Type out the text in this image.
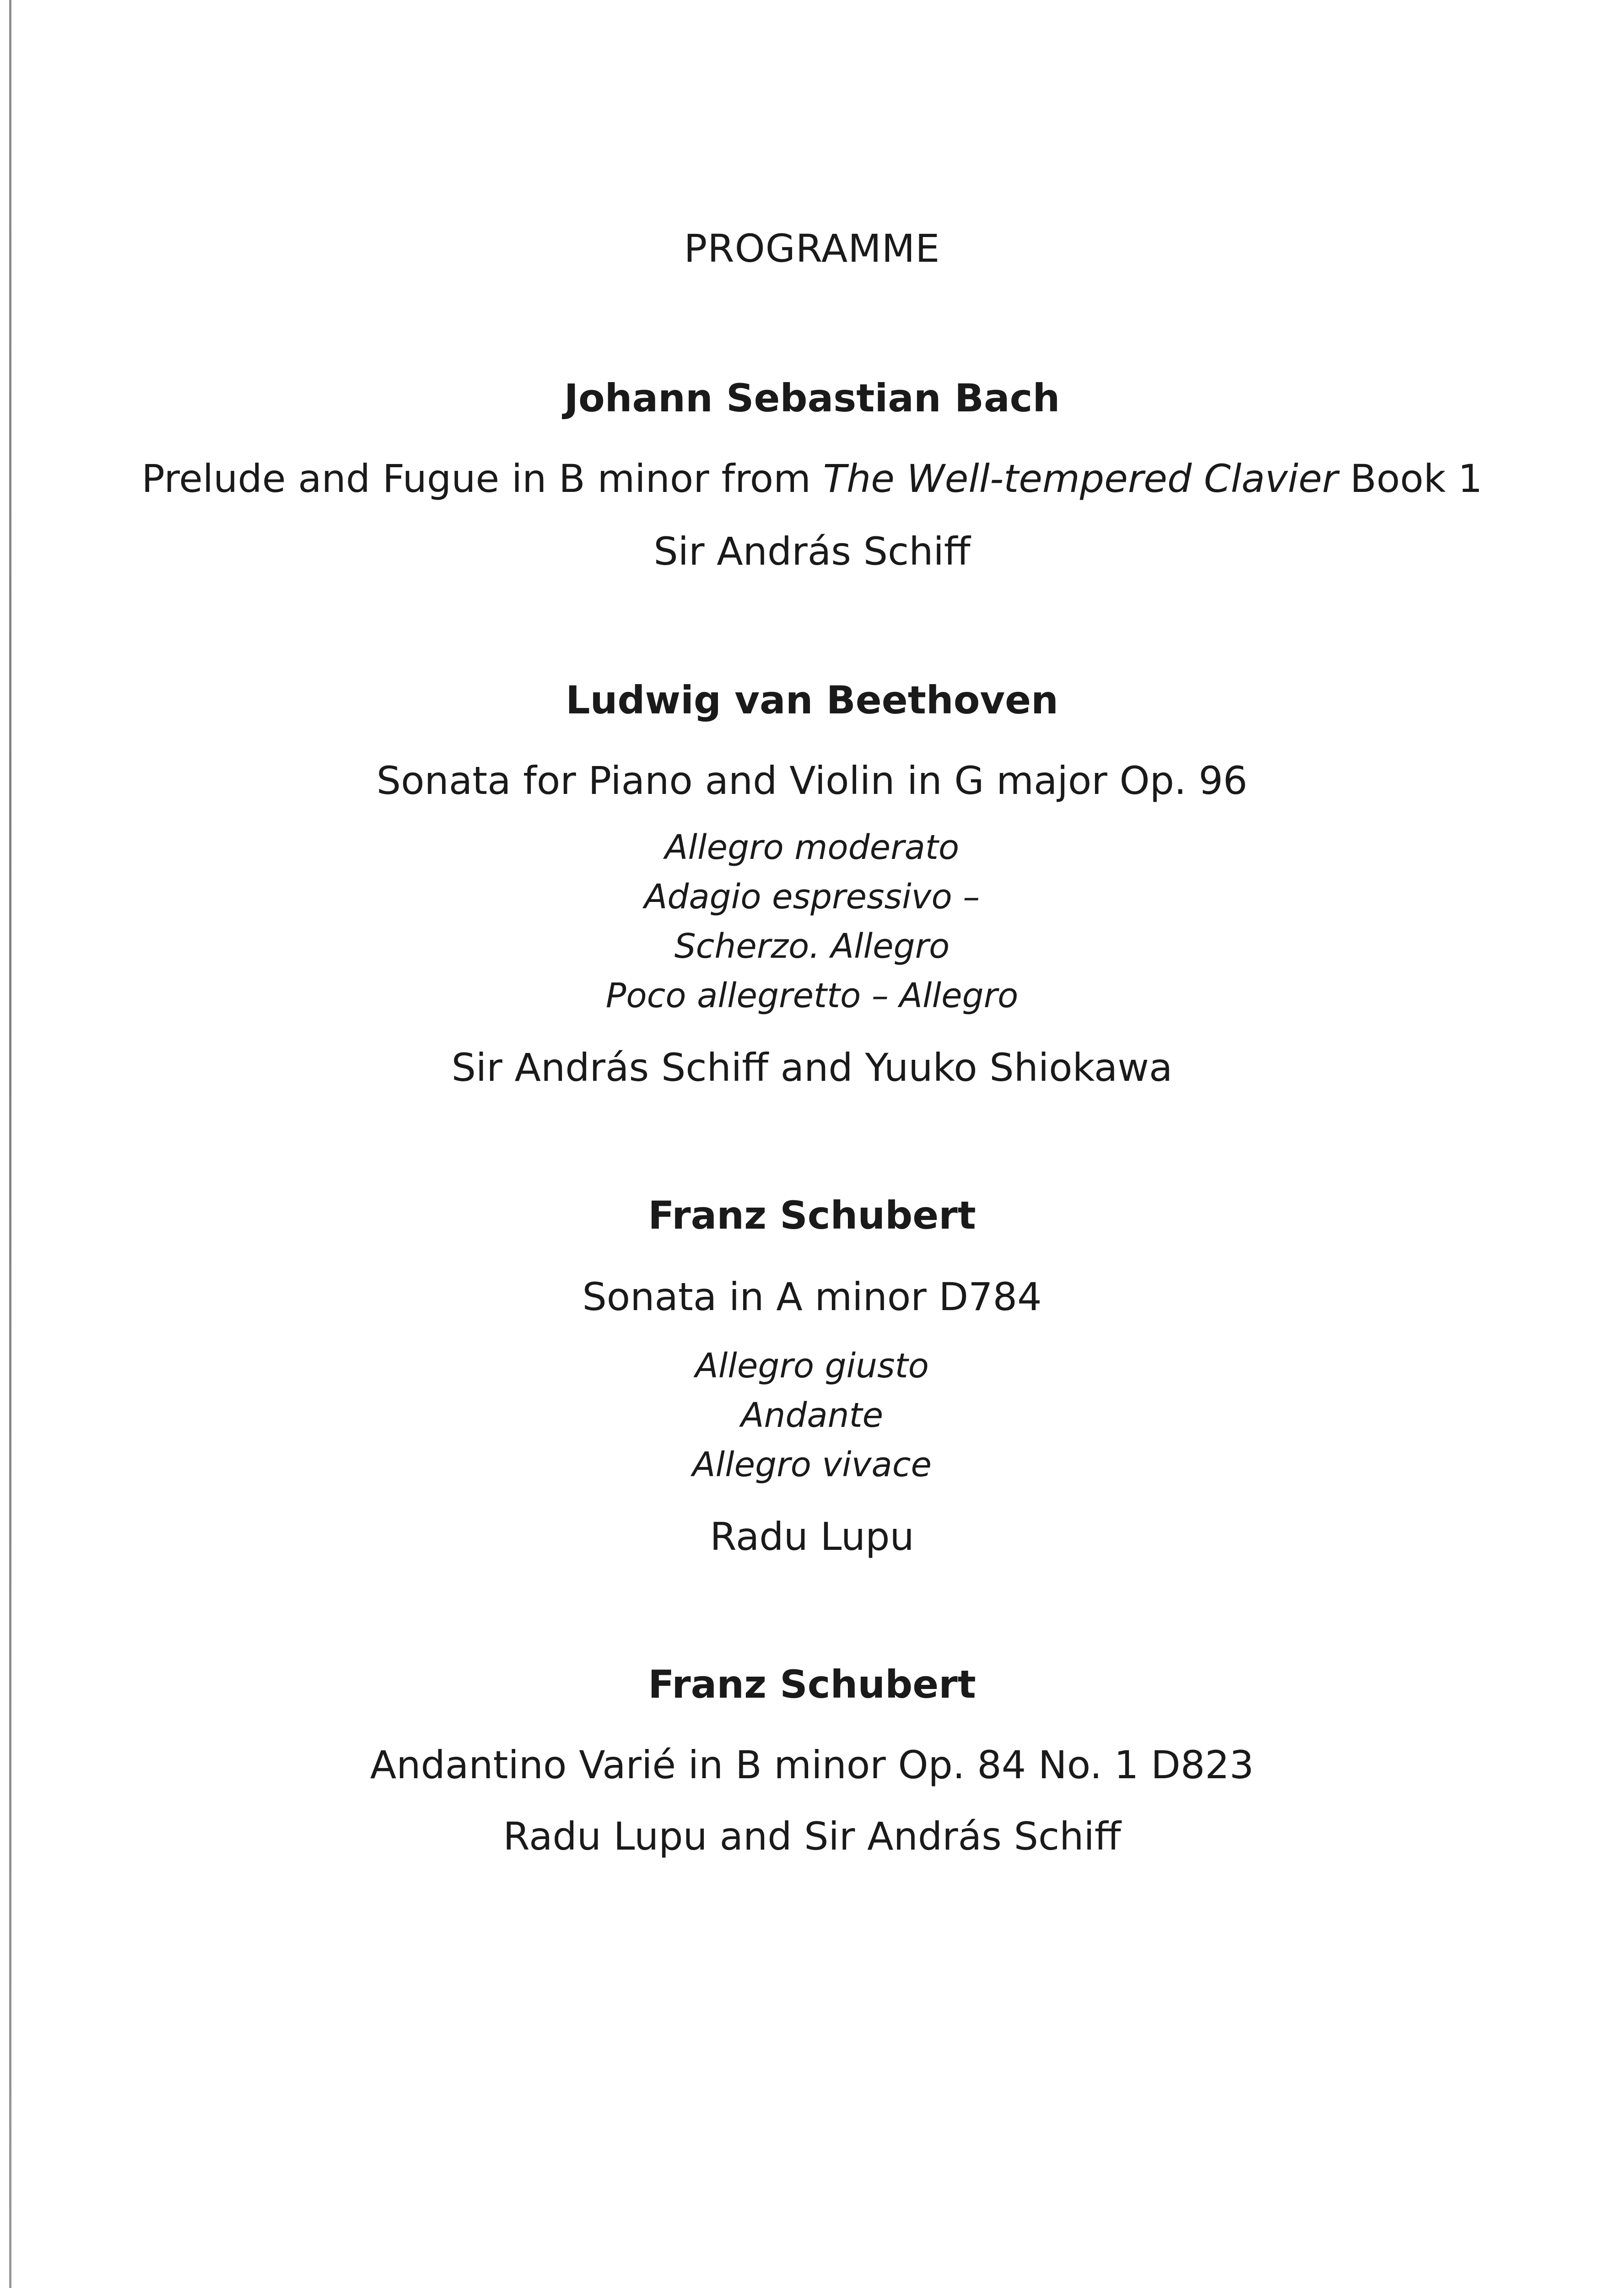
PROGRAMME
Johann Sebastian Bach
Prelude and Fugue in B minor from The Well-tempered Clavier Book 1
Sir András Schiff
Ludwig van Beethoven
Sonata for Piano and Violin in G major Op. 96
Allegro moderato
Adagio espressivo –
Scherzo. Allegro
Poco allegretto – Allegro
Sir András Schiff and Yuuko Shiokawa
Franz Schubert
Sonata in A minor D784
Allegro giusto
Andante
Allegro vivace
Radu Lupu
Franz Schubert
Andantino Varié in B minor Op. 84 No. 1 D823
Radu Lupu and Sir András Schiff
